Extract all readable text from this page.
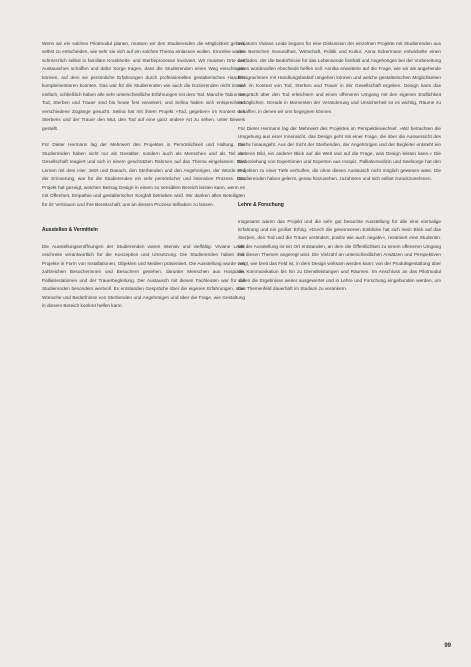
Wenn wir ein solches Pilotmodul planen, müssen wir den Studierenden die Möglichkeit geben, selbst zu entscheiden, wie sehr sie sich auf ein solches Thema einlassen wollen. Einzelne waren schmerzlich selbst in familiäre Krankheits- und Sterbeprozesse involviert. Wir mussten Orte des Austausches schaffen und dafür Sorge tragen, dass die Studierenden einen Weg einschlagen können, auf dem sie persönliche Erfahrungen durch professionelles gestalterisches Handeln komplementieren konnten. Das war für die Studierenden wie auch die Dozierenden nicht immer einfach, schließlich haben alle sehr unterschiedliche Erfahrungen mit dem Tod. Manche Tabus um Tod, Sterben und Trauer sind bis heute fest verankert, und Selina haben sich entsprechend verschiedene Zugänge gesucht. Selina hat mit ihrem Projekt »Tod, gegeben« im Kontext des Sterbens und der Trauer den Mut, den Tod auf eine ganz andere Art zu sehen, unter Beweis gestellt.

Für Dieter Hermann lag der Mehrwert des Projektes in Persönlichkeit und Haltung. Die Studierenden haben nicht nur als Gestalter, sondern auch als Menschen und als Teil der Gesellschaft reagiert und sich in einem geschützten Rahmen auf das Thema eingelassen. Das Lernen mit dem Hier, Jetzt und Danach, den Sterbenden und den Angehörigen, der Würde und der Erinnerung, war für die Studierenden ein sehr persönlicher und intensiver Prozess. Das Projekt hat gezeigt, welchen Beitrag Design in einem so sensiblen Bereich leisten kann, wenn es mit Offenheit, Empathie und gestalterischer Sorgfalt betrieben wird. Wir danken allen Beteiligten für ihr Vertrauen und ihre Bereitschaft, uns an diesem Prozess teilhaben zu lassen.

Ausstellen & Vermitteln

Die Ausstellungseröffnungen der Studierenden waren intensiv und vielfältig. Viviane Leide zeichnete verantwortlich für die Konzeption und Umsetzung. Die Studierenden haben ihre Projekte in Form von Installationen, Objekten und Medien präsentiert. Die Ausstellung wurde von zahlreichen Besucherinnen und Besuchern gesehen, darunter Menschen aus Hospizen, Palliativstationen und der Trauerbegleitung. Der Austausch mit diesen Fachleuten war für die Studierenden besonders wertvoll. Es entstanden Gespräche über die eigenen Erfahrungen, über Wünsche und Bedürfnisse von Sterbenden und Angehörigen und über die Frage, wie Gestaltung in diesem Bereich konkret helfen kann.

Initiatorin Viviane Leide begann für eine Diskussion der einzelnen Projekte mit Studierenden aus den Bereichen Gesundheit, Wirtschaft, Politik und Kultur. Anna Eckermann entwickelte einen Leitfaden, der die Bedürfnisse für das Lebensende festhält und Angehörigen bei der Vorbereitung eines würdevollen Abschieds helfen soll. Annika erweiterte auf die Frage, wie wir als angehende Designerinnen mit Handlungsbedarf umgehen können und welche gestalterischen Möglichkeiten sich im Kontext von Tod, Sterben und Trauer in der Gesellschaft ergeben. Design kann das Gespräch über den Tod erleichtern und einen offeneren Umgang mit den eigenen Endlichkeit ermöglichen. Gerade in Momenten der Veränderung und Unsicherheit ist es wichtig, Räume zu schaffen, in denen wir uns begegnen können.

Für Dieter Hermann lag der Mehrwert des Projektes im Perspektivwechsel: »Wir betrachten die Umgebung aus einer Innensicht, das Design geht mit einer Frage, die über die Aussensicht des Fachs hinausgeht. Aus der Sicht der Sterbenden, der Angehörigen und der Begleiter entsteht ein anderes Bild, ein anderer Blick auf die Welt und auf die Frage, was Design leisten kann.« Die Einbeziehung von Expertinnen und Experten aus Hospiz, Palliativmedizin und Seelsorge hat den Projekten zu einer Tiefe verholfen, die ohne diesen Austausch nicht möglich gewesen wäre. Die Studierenden haben gelernt, genau hinzusehen, zuzuhören und sich selbst zurückzunehmen.

Lehre & Forschung

Insgesamt waren das Projekt und die sehr gut besuchte Ausstellung für alle eine einmalige Erfahrung und ein großer Erfolg. »Durch die gewonnenen Einblicke hat sich mein Blick auf das Sterben, den Tod und die Trauer verändert, positiv wie auch negativ«, resümiert eine Studentin. Mit der Ausstellung ist ein Ort entstanden, an dem die Öffentlichkeit zu einem offeneren Umgang mit diesen Themen angeregt wird. Die Vielzahl an unterschiedlichen Ansätzen und Perspektiven zeigt, wie breit das Feld ist, in dem Design wirksam werden kann: von der Produktgestaltung über die Kommunikation bis hin zu Dienstleistungen und Räumen. Im Anschluss an das Pilotmodul sollen die Ergebnisse weiter ausgewertet und in Lehre und Forschung eingebunden werden, um das Themenfeld dauerhaft im Studium zu verankern.

99
